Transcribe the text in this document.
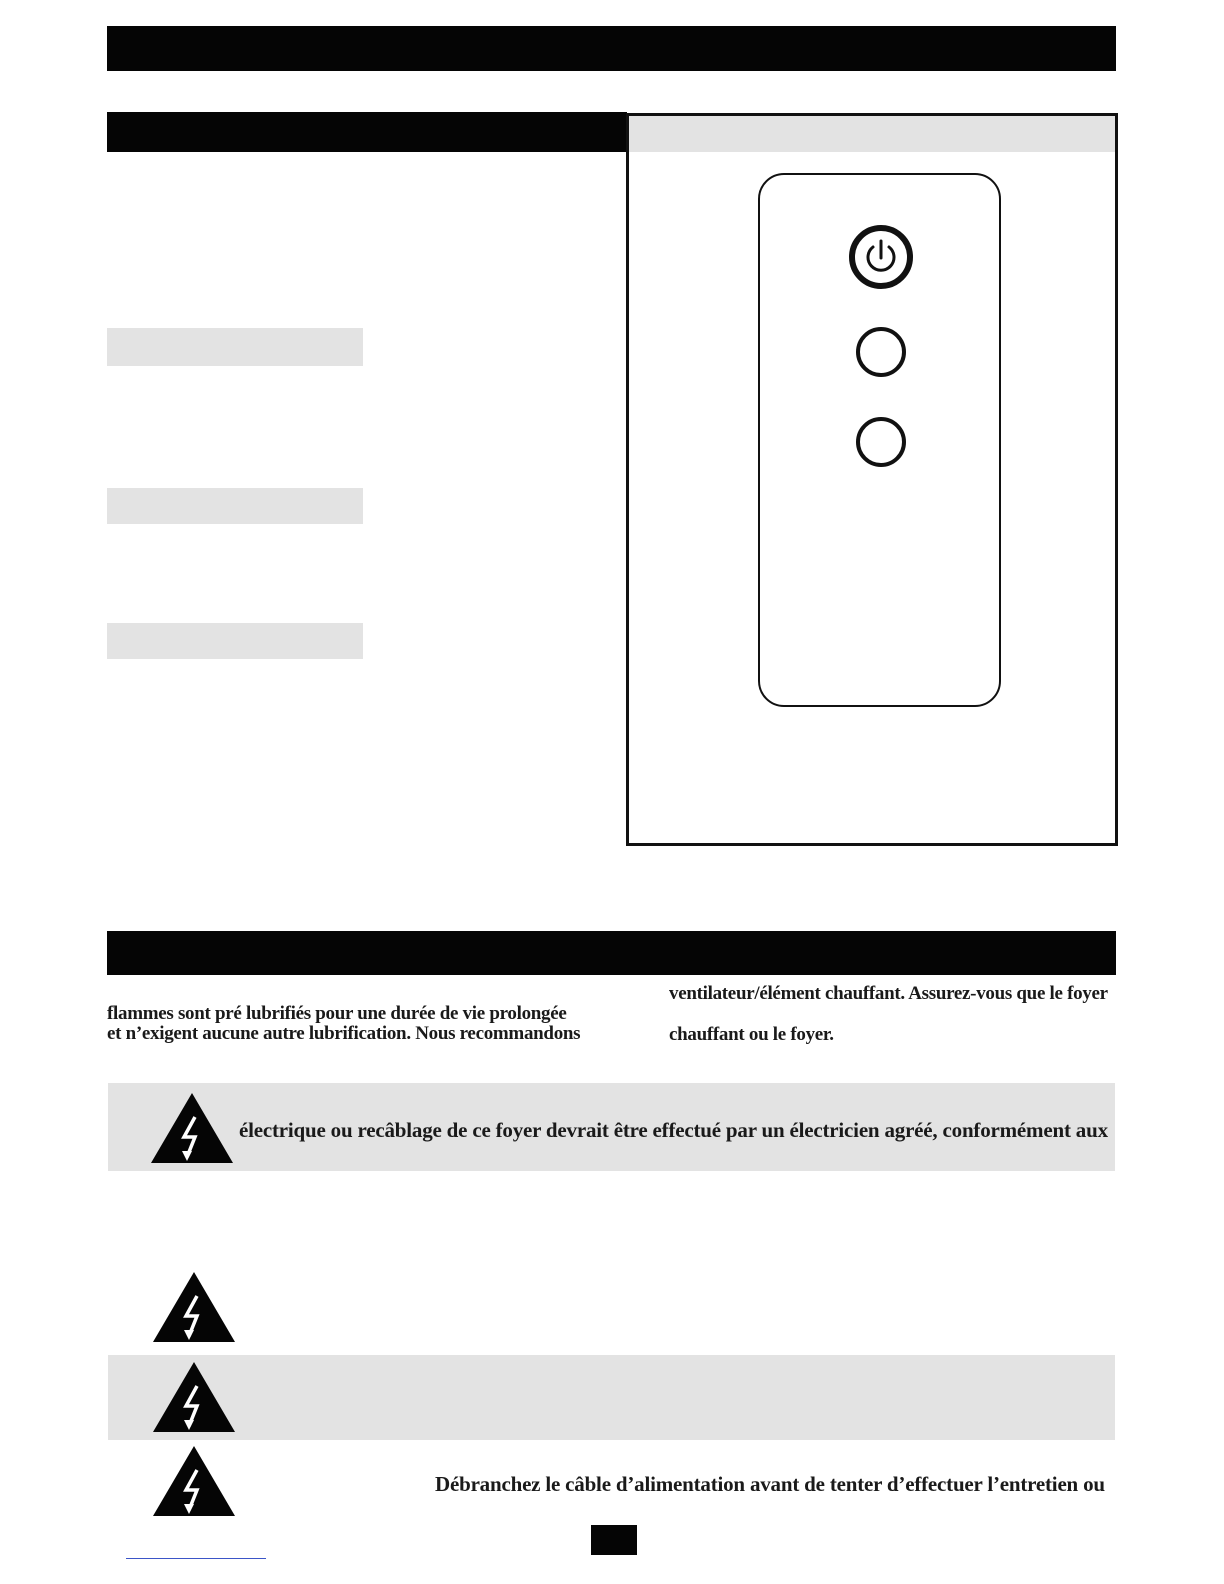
flammes sont pré lubrifiés pour une durée de vie prolongée
et n’exigent aucune autre lubrification. Nous recommandons
ventilateur/élément chauffant. Assurez-vous que le foyer
chauffant ou le foyer.
électrique ou recâblage de ce foyer devrait être effectué par un électricien agréé, conformément aux
Débranchez le câble d’alimentation avant de tenter d’effectuer l’entretien ou
